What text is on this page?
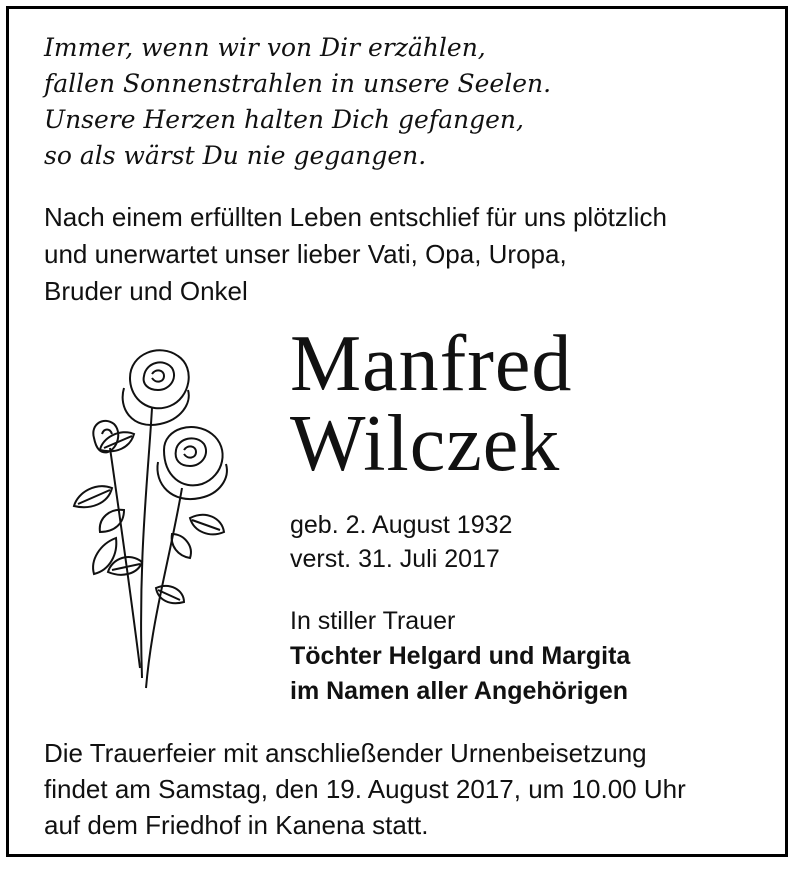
Immer, wenn wir von Dir erzählen,
fallen Sonnenstrahlen in unsere Seelen.
Unsere Herzen halten Dich gefangen,
so als wärst Du nie gegangen.
Nach einem erfüllten Leben entschlief für uns plötzlich
und unerwartet unser lieber Vati, Opa, Uropa,
Bruder und Onkel
Manfred
Wilczek
geb. 2. August 1932
verst. 31. Juli 2017
In stiller Trauer
Töchter Helgard und Margita
im Namen aller Angehörigen
Die Trauerfeier mit anschließender Urnenbeisetzung
findet am Samstag, den 19. August 2017, um 10.00 Uhr
auf dem Friedhof in Kanena statt.
